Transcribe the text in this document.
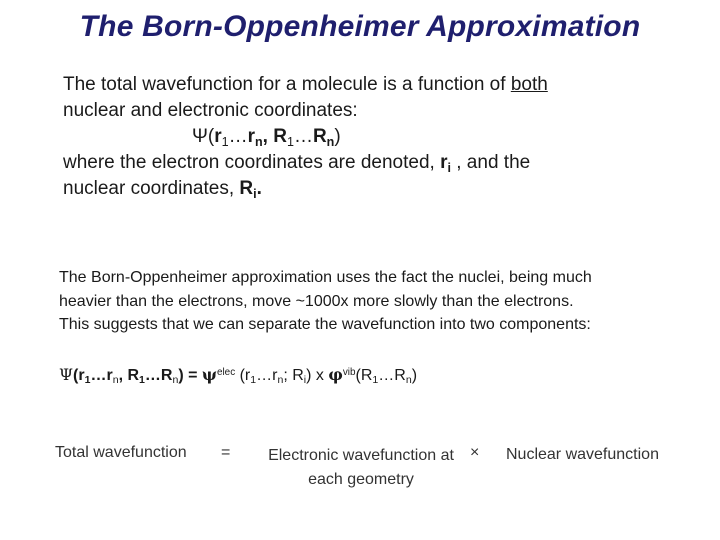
The Born-Oppenheimer Approximation
The total wavefunction for a molecule is a function of both
nuclear and electronic coordinates:
$\Psi(r_1\dots r_n$, $R_1\dots R_n$)
where the electron coordinates are denoted, $r_i$ , and the
nuclear coordinates, $R_i$.
The Born-Oppenheimer approximation uses the fact the nuclei, being much
heavier than the electrons, move ~1000x more slowly than the electrons.
This suggests that we can separate the wavefunction into two components:
$\Psi(r_1\dots r_n$, $R_1\dots R_n) = \psi^{elec}$ ($r_1\dots r_n$; $R_i$) x $\varphi^{vib}(R_1\dots R_n)$
Total wavefunction =	Electronic wavefunction at
each geometry
× Nuclear wavefunction
